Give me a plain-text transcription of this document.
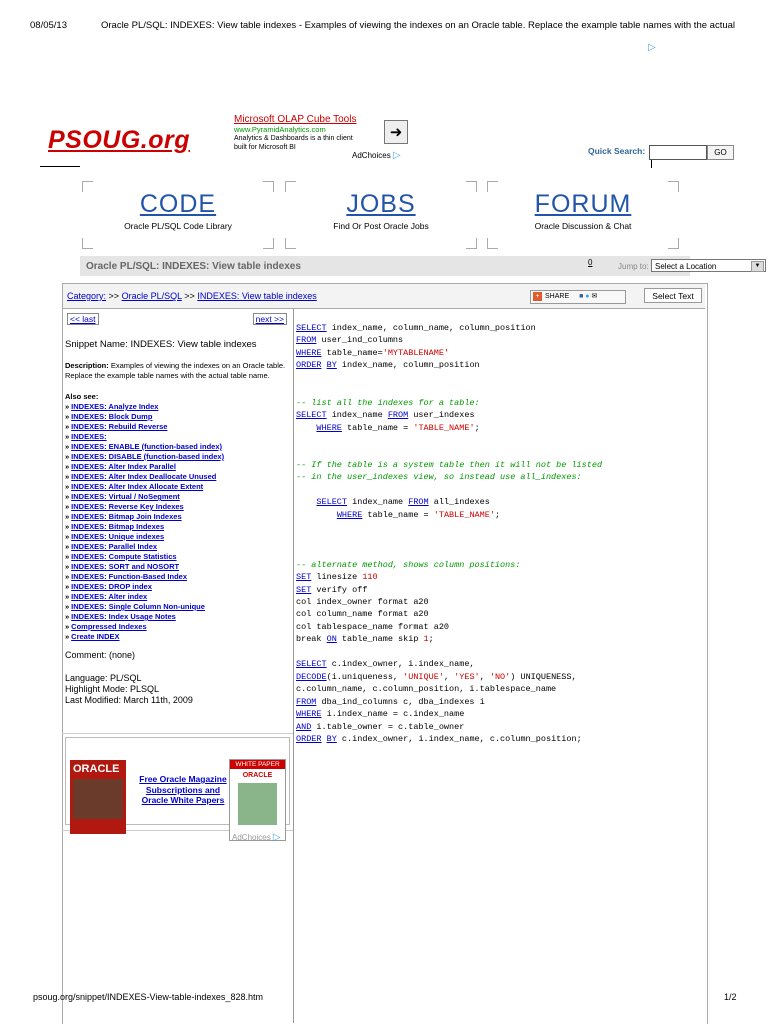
08/05/13	Oracle PL/SQL: INDEXES: View table indexes - Examples of viewing the indexes on an Oracle table. Replace the example table names with the actual
▷
PSOUG.org
Microsoft OLAP Cube Tools
www.PyramidAnalytics.com
Analytics & Dashboards is a thin client built for Microsoft BI
➜
AdChoices ▷	Quick Search:	GO
CODE
Oracle PL/SQL Code Library
JOBS
Find Or Post Oracle Jobs
FORUM
Oracle Discussion & Chat
Oracle PL/SQL: INDEXES: View table indexes	0	Jump to: Select a Location	▼
Category: >> Oracle PL/SQL >> INDEXES: View table indexes	+ SHARE ■ ● ✉	Select Text
<< last	next >>
Snippet Name: INDEXES: View table indexes
Description: Examples of viewing the indexes on an Oracle table. Replace the example table names with the actual table name.
Also see:
» INDEXES: Analyze Index
» INDEXES: Block Dump
» INDEXES: Rebuild Reverse
» INDEXES:
» INDEXES: ENABLE (function-based index)
» INDEXES: DISABLE (function-based index)
» INDEXES: Alter Index Parallel
» INDEXES: Alter Index Deallocate Unused
» INDEXES: Alter Index Allocate Extent
» INDEXES: Virtual / NoSegment
» INDEXES: Reverse Key Indexes
» INDEXES: Bitmap Join Indexes
» INDEXES: Bitmap Indexes
» INDEXES: Unique indexes
» INDEXES: Parallel Index
» INDEXES: Compute Statistics
» INDEXES: SORT and NOSORT
» INDEXES: Function-Based Index
» INDEXES: DROP index
» INDEXES: Alter index
» INDEXES: Single Column Non-unique
» INDEXES: Index Usage Notes
» Compressed Indexes
» Create INDEX
Comment: (none)
Language: PL/SQL
Highlight Mode: PLSQL
Last Modified: March 11th, 2009
ORACLE
Free Oracle Magazine Subscriptions and Oracle White Papers
WHITE PAPER
ORACLE
AdChoices ▷
SELECT index_name, column_name, column_position
FROM user_ind_columns
WHERE table_name='MYTABLENAME'
ORDER BY index_name, column_position

-- list all the indexes for a table:
SELECT index_name FROM user_indexes
WHERE table_name = 'TABLE_NAME';

-- If the table is a system table then it will not be listed
-- in the user_indexes view, so instead use all_indexes:

SELECT index_name FROM all_indexes
WHERE table_name = 'TABLE_NAME';

-- alternate method, shows column positions:
SET linesize 110
SET verify off
col index_owner format a20
col column_name format a20
col tablespace_name format a20
break ON table_name skip 1;

SELECT c.index_owner, i.index_name,
DECODE(i.uniqueness, 'UNIQUE', 'YES', 'NO') UNIQUENESS,
c.column_name, c.column_position, i.tablespace_name
FROM dba_ind_columns c, dba_indexes i
WHERE i.index_name = c.index_name
AND i.table_owner = c.table_owner
ORDER BY c.index_owner, i.index_name, c.column_position;
psoug.org/snippet/INDEXES-View-table-indexes_828.htm	1/2
